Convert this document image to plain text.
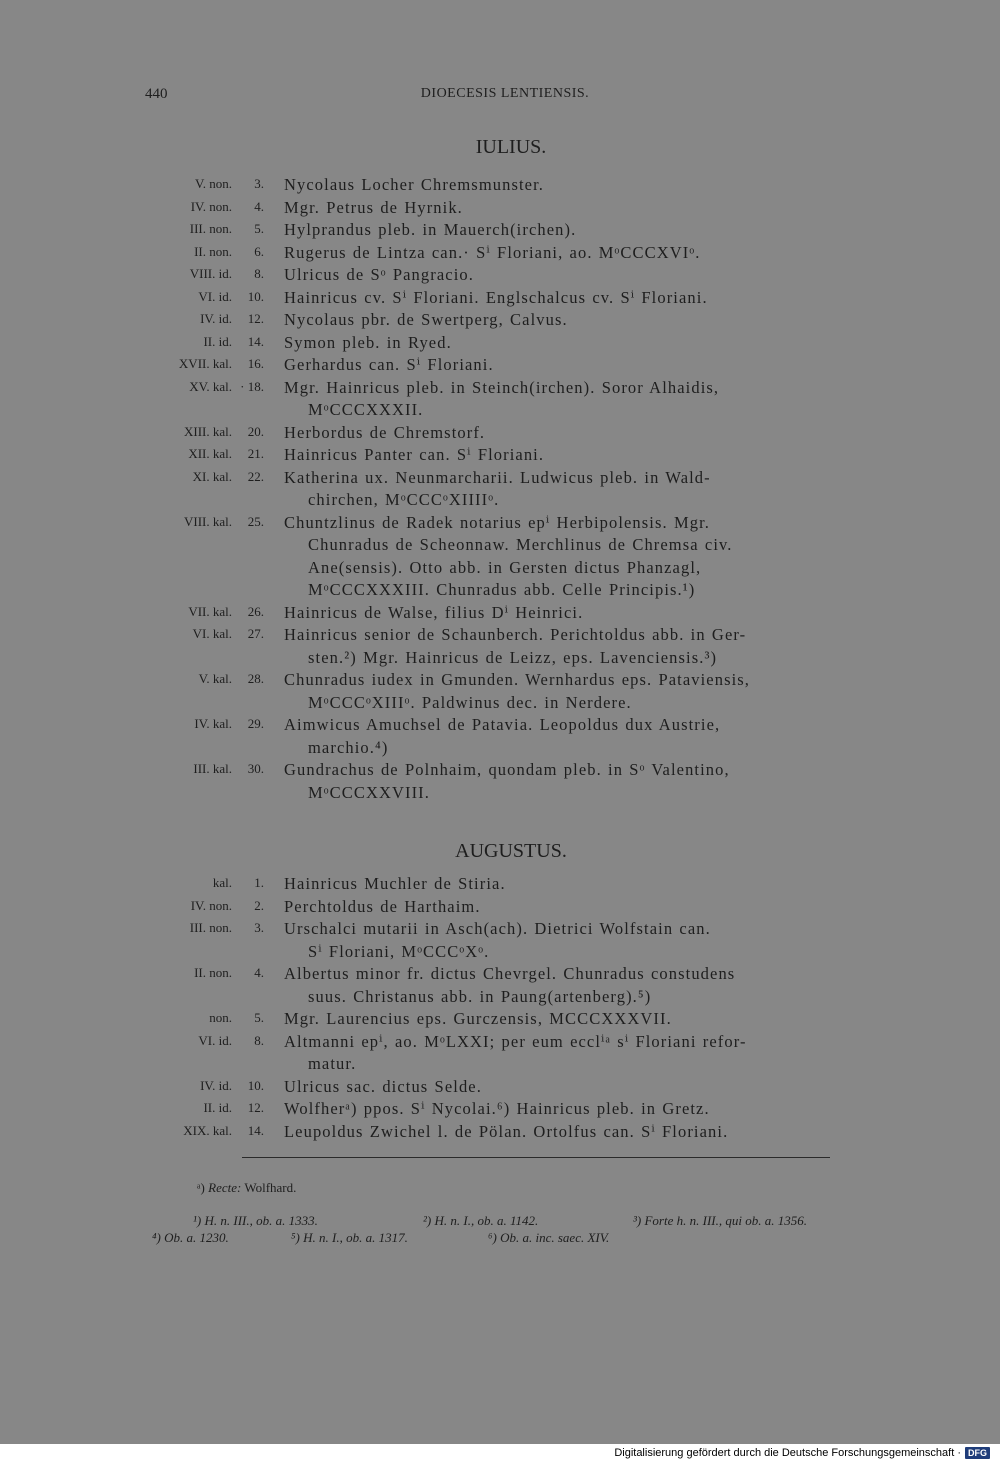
440	DIOECESIS LENTIENSIS.
IULIUS.
V. non.	3. Nycolaus Locher Chremsmunster.
IV. non.	4. Mgr. Petrus de Hyrnik.
III. non.	5. Hylprandus pleb. in Mauerch(irchen).
II. non.	6. Rugerus de Lintza can.· Sⁱ Floriani, ao. MᵒCCCXVIᵒ.
VIII. id.	8. Ulricus de Sᵒ Pangracio.
VI. id.	10. Hainricus cv. Sⁱ Floriani. Englschalcus cv. Sⁱ Floriani.
IV. id.	12. Nycolaus pbr. de Swertperg, Calvus.
II. id.	14. Symon pleb. in Ryed.
XVII. kal.	16. Gerhardus can. Sⁱ Floriani.
XV. kal. · 18. Mgr. Hainricus pleb. in Steinch(irchen). Soror Alhaidis,
MᵒCCCXXXII.
XIII. kal.	20. Herbordus de Chremstorf.
XII. kal.	21. Hainricus Panter can. Sⁱ Floriani.
XI. kal.	22. Katherina ux. Neunmarcharii. Ludwicus pleb. in Wald-
chirchen, MᵒCCCᵒXIIIIᵒ.
VIII. kal.	25. Chuntzlinus de Radek notarius epⁱ Herbipolensis. Mgr.
Chunradus de Scheonnaw. Merchlinus de Chremsa civ.
Ane(sensis). Otto abb. in Gersten dictus Phanzagl,
MᵒCCCXXXIII. Chunradus abb. Celle Principis.¹)
VII. kal.	26. Hainricus de Walse, filius Dⁱ Heinrici.
VI. kal.	27. Hainricus senior de Schaunberch. Perichtoldus abb. in Ger-
sten.²) Mgr. Hainricus de Leizz, eps. Lavenciensis.³)
V. kal.	28. Chunradus iudex in Gmunden. Wernhardus eps. Pataviensis,
MᵒCCCᵒXIIIᵒ. Paldwinus dec. in Nerdere.
IV. kal.	29. Aimwicus Amuchsel de Patavia. Leopoldus dux Austrie,
marchio.⁴)
III. kal.	30. Gundrachus de Polnhaim, quondam pleb. in Sᵒ Valentino,
MᵒCCCXXVIII.
AUGUSTUS.
kal.	1. Hainricus Muchler de Stiria.
IV. non.	2. Perchtoldus de Harthaim.
III. non.	3. Urschalci mutarii in Asch(ach). Dietrici Wolfstain can.
Sⁱ Floriani, MᵒCCCᵒXᵒ.
II. non.	4. Albertus minor fr. dictus Chevrgel. Chunradus constudens
suus. Christanus abb. in Paung(artenberg).⁵)
non.	5. Mgr. Laurencius eps. Gurczensis, MCCCXXXVII.
VI. id.	8. Altmanni epⁱ, ao. MᵒLXXI; per eum ecclⁱᵃ sⁱ Floriani refor-
matur.
IV. id.	10. Ulricus sac. dictus Selde.
II. id.	12. Wolfherᵃ) ppos. Sⁱ Nycolai.⁶) Hainricus pleb. in Gretz.
XIX. kal.	14. Leupoldus Zwichel l. de Pölan. Ortolfus can. Sⁱ Floriani.
ᵃ) Recte: Wolfhard.
¹) H. n. III., ob. a. 1333.	²) H. n. I., ob. a. 1142.	³) Forte h. n. III., qui ob. a. 1356.
⁴) Ob. a. 1230.	⁵) H. n. I., ob. a. 1317.	⁶) Ob. a. inc. saec. XIV.
Digitalisierung gefördert durch die Deutsche Forschungsgemeinschaft · DFG
